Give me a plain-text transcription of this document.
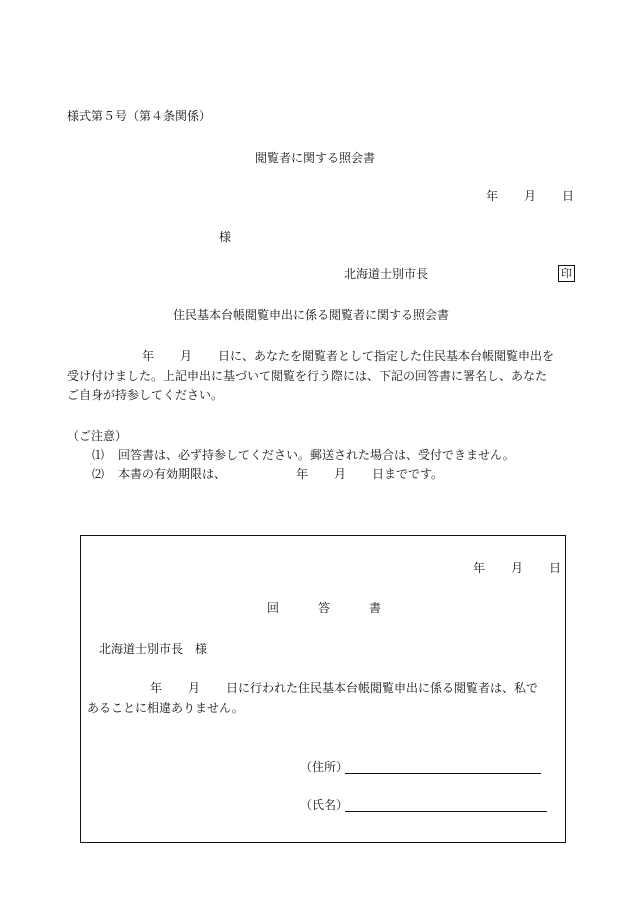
様式第５号（第４条関係）
閲覧者に関する照会書
年 月 日
様
北海道士別市長	印
住民基本台帳閲覧申出に係る閲覧者に関する照会書
年 月 日に、あなたを閲覧者として指定した住民基本台帳閲覧申出を
受け付けました。上記申出に基づいて閲覧を行う際には、下記の回答書に署名し、あなた
ご自身が持参してください。
（ご注意）
⑴ 回答書は、必ず持参してください。郵送された場合は、受付できません。
⑵ 本書の有効期限は、	年 月 日までです。
年 月 日
回	答	書
北海道士別市長　様
年 月 日に行われた住民基本台帳閲覧申出に係る閲覧者は、私で
あることに相違ありません。
（住所）
（氏名）
